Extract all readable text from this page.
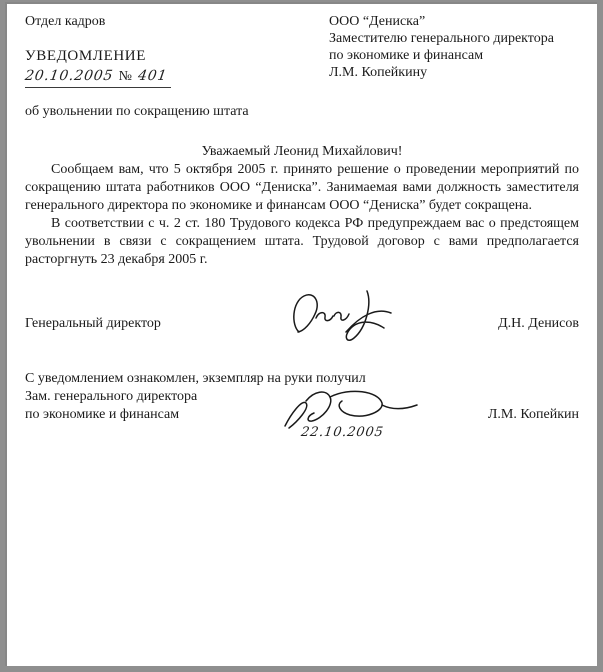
Отдел кадров
УВЕДОМЛЕНИЕ
20.10.2005 № 401
ООО “Дениска”
Заместителю генерального директора
по экономике и финансам
Л.М. Копейкину
об увольнении по сокращению штата
Уважаемый Леонид Михайлович!

Сообщаем вам, что 5 октября 2005 г. принято решение о проведении мероприятий по сокращению штата работников ООО “Дениска”. Занимаемая вами должность заместителя генерального директора по экономике и финансам ООО “Дениска” будет сокращена.

В соответствии с ч. 2 ст. 180 Трудового кодекса РФ предупреждаем вас о предстоящем увольнении в связи с сокращением штата. Трудовой договор с вами предполагается расторгнуть 23 декабря 2005 г.

Генеральный директор	Д.Н. Денисов

С уведомлением ознакомлен, экземпляр на руки получил

Зам. генерального директора

по экономике и финансам	Л.М. Копейкин
22.10.2005
